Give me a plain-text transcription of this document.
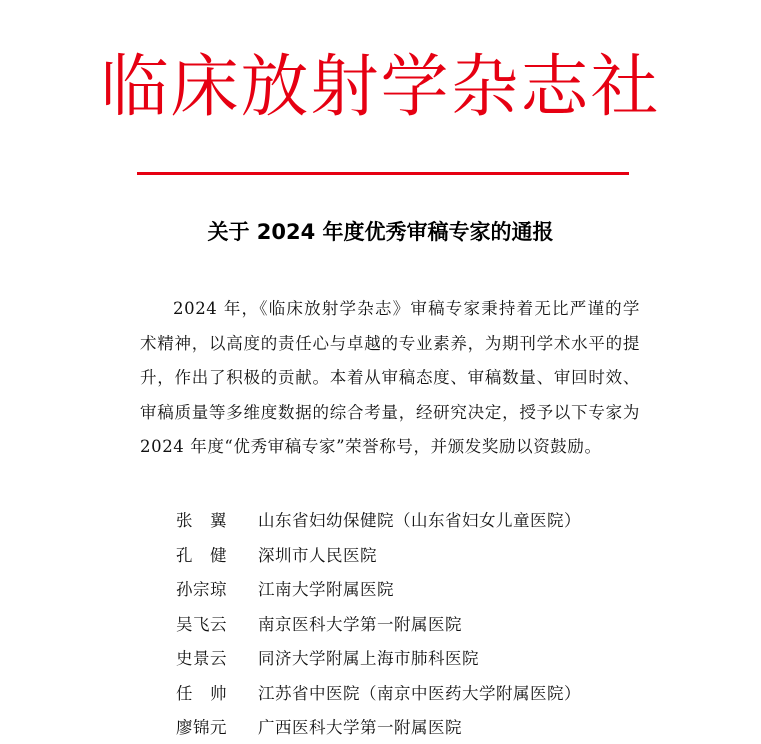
临床放射学杂志社
关于 2024 年度优秀审稿专家的通报

2024 年，《临床放射学杂志》审稿专家秉持着无比严谨的学术精神，以高度的责任心与卓越的专业素养，为期刊学术水平的提升，作出了积极的贡献。本着从审稿态度、审稿数量、审回时效、审稿质量等多维度数据的综合考量，经研究决定，授予以下专家为 2024 年度“优秀审稿专家”荣誉称号，并颁发奖励以资鼓励。

张　翼	山东省妇幼保健院（山东省妇女儿童医院）
孔　健	深圳市人民医院
孙宗琼	江南大学附属医院
吴飞云	南京医科大学第一附属医院
史景云	同济大学附属上海市肺科医院
任　帅	江苏省中医院（南京中医药大学附属医院）
廖锦元	广西医科大学第一附属医院
